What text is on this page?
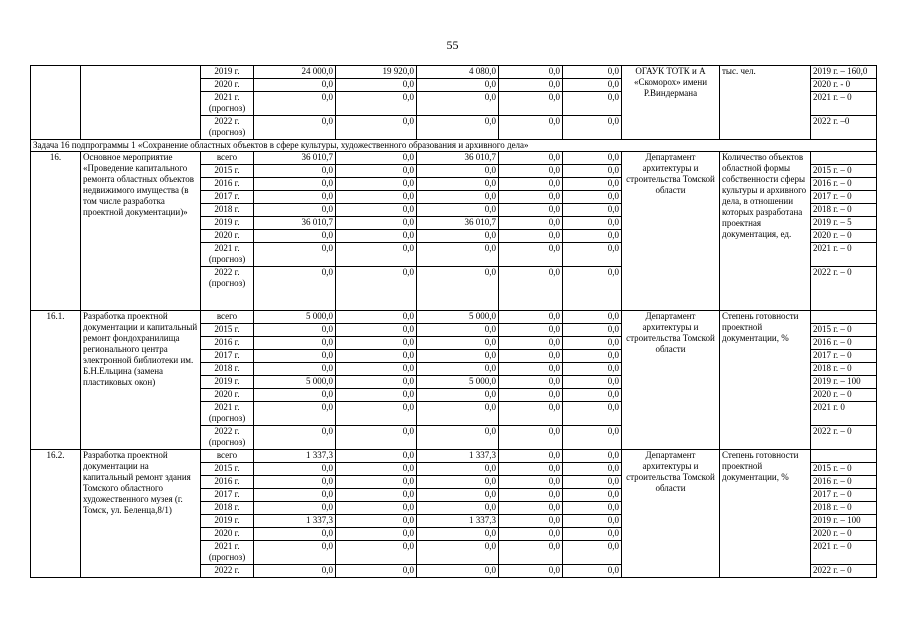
55
		2019 г.	24 000,0	19 920,0	4 080,0	0,0	0,0	ОГАУК ТОТК и А «Скоморох» имени Р.Виндермана	тыс. чел.	2019 г. – 160,0
		2020 г.	0,0	0,0	0,0	0,0	0,0			2020 г. - 0
		2021 г. (прогноз)	0,0	0,0	0,0	0,0	0,0			2021 г. – 0
		2022 г. (прогноз)	0,0	0,0	0,0	0,0	0,0			2022 г. –0
Задача 16 подпрограммы 1 «Сохранение областных объектов в сфере культуры, художественного образования и архивного дела»										
16.	Основное мероприятие «Проведение капитального ремонта областных объектов недвижимого имущества (в том числе разработка проектной документации)»	всего	36 010,7	0,0	36 010,7	0,0	0,0	Департамент архитектуры и строительства Томской области	Количество объектов областной формы собственности сферы культуры и архивного дела, в отношении которых разработана проектная документация, ед.	
		2015 г.	0,0	0,0	0,0	0,0	0,0			2015 г. – 0
		2016 г.	0,0	0,0	0,0	0,0	0,0			2016 г. – 0
		2017 г.	0,0	0,0	0,0	0,0	0,0			2017 г. – 0
		2018 г.	0,0	0,0	0,0	0,0	0,0			2018 г. – 0
		2019 г.	36 010,7	0,0	36 010,7	0,0	0,0			2019 г. – 5
		2020 г.	0,0	0,0	0,0	0,0	0,0			2020 г. – 0
		2021 г. (прогноз)	0,0	0,0	0,0	0,0	0,0			2021 г. – 0
		2022 г. (прогноз)	0,0	0,0	0,0	0,0	0,0			2022 г. – 0
16.1.	Разработка проектной документации и капитальный ремонт фондохранилища регионального центра электронной библиотеки им. Б.Н.Ельцина (замена пластиковых окон)	всего	5 000,0	0,0	5 000,0	0,0	0,0	Департамент архитектуры и строительства Томской области	Степень готовности проектной документации, %	
		2015 г.	0,0	0,0	0,0	0,0	0,0			2015 г. – 0
		2016 г.	0,0	0,0	0,0	0,0	0,0			2016 г. – 0
		2017 г.	0,0	0,0	0,0	0,0	0,0			2017 г. – 0
		2018 г.	0,0	0,0	0,0	0,0	0,0			2018 г. – 0
		2019 г.	5 000,0	0,0	5 000,0	0,0	0,0			2019 г. – 100
		2020 г.	0,0	0,0	0,0	0,0	0,0			2020 г. – 0
		2021 г. (прогноз)	0,0	0,0	0,0	0,0	0,0			2021 г. 0
		2022 г. (прогноз)	0,0	0,0	0,0	0,0	0,0			2022 г. – 0
16.2.	Разработка проектной документации на капитальный ремонт здания Томского областного художественного музея (г. Томск, ул. Беленца,8/1)	всего	1 337,3	0,0	1 337,3	0,0	0,0	Департамент архитектуры и строительства Томской области	Степень готовности проектной документации, %	
		2015 г.	0,0	0,0	0,0	0,0	0,0			2015 г. – 0
		2016 г.	0,0	0,0	0,0	0,0	0,0			2016 г. – 0
		2017 г.	0,0	0,0	0,0	0,0	0,0			2017 г. – 0
		2018 г.	0,0	0,0	0,0	0,0	0,0			2018 г. – 0
		2019 г.	1 337,3	0,0	1 337,3	0,0	0,0			2019 г. – 100
		2020 г.	0,0	0,0	0,0	0,0	0,0			2020 г. – 0
		2021 г. (прогноз)	0,0	0,0	0,0	0,0	0,0			2021 г. – 0
		2022 г.	0,0	0,0	0,0	0,0	0,0			2022 г. – 0
